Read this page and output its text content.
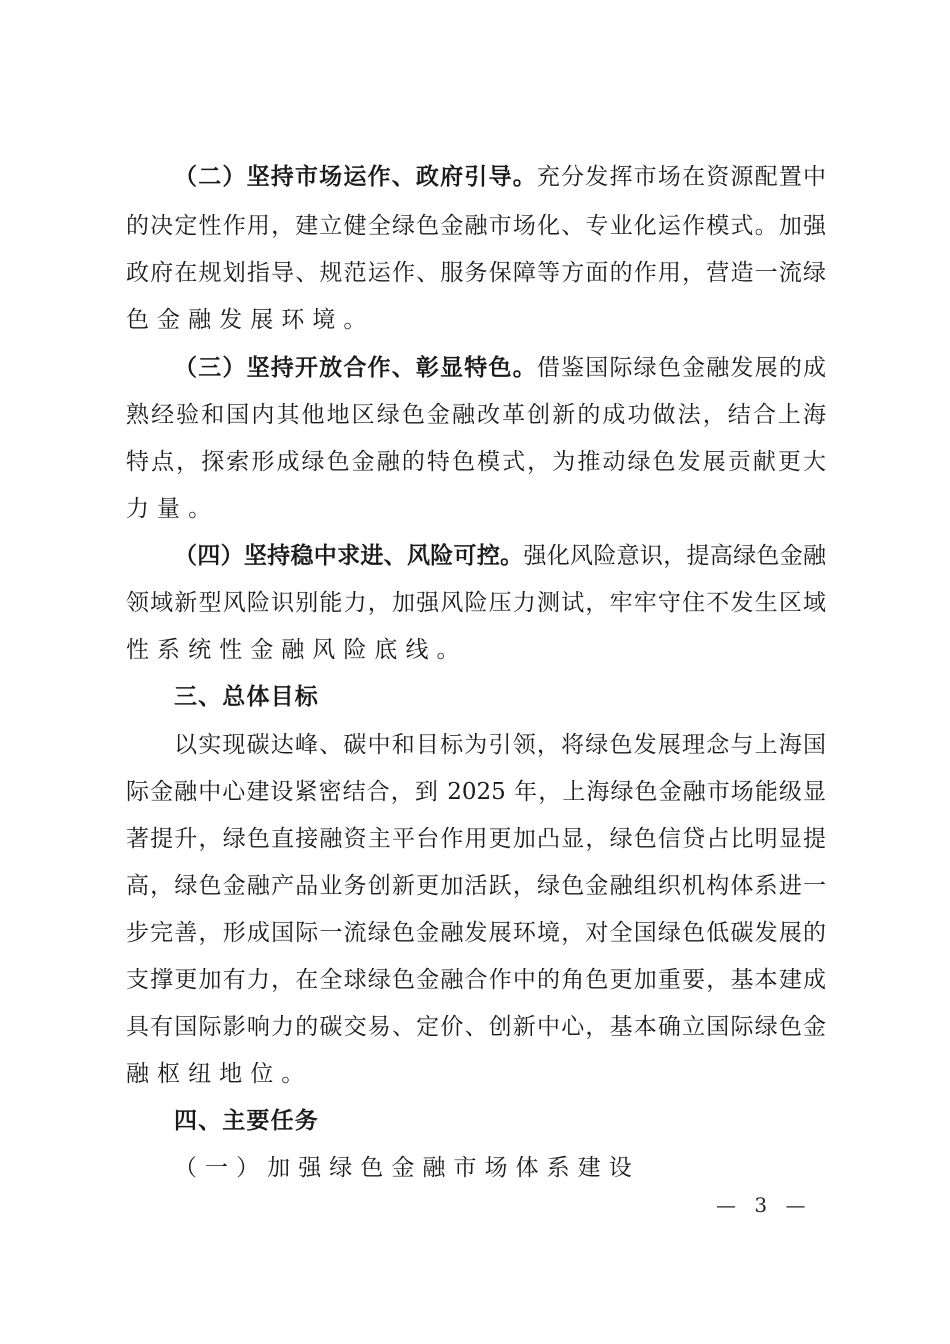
（二）坚持市场运作、政府引导。充分发挥市场在资源配置中
的决定性作用，建立健全绿色金融市场化、专业化运作模式。加强
政府在规划指导、规范运作、服务保障等方面的作用，营造一流绿
色金融发展环境。
（三）坚持开放合作、彰显特色。借鉴国际绿色金融发展的成
熟经验和国内其他地区绿色金融改革创新的成功做法，结合上海
特点，探索形成绿色金融的特色模式，为推动绿色发展贡献更大
力量。
（四）坚持稳中求进、风险可控。强化风险意识，提高绿色金融
领域新型风险识别能力，加强风险压力测试，牢牢守住不发生区域
性系统性金融风险底线。
三、总体目标
以实现碳达峰、碳中和目标为引领，将绿色发展理念与上海国
际金融中心建设紧密结合，到 2025 年，上海绿色金融市场能级显
著提升，绿色直接融资主平台作用更加凸显，绿色信贷占比明显提
高，绿色金融产品业务创新更加活跃，绿色金融组织机构体系进一
步完善，形成国际一流绿色金融发展环境，对全国绿色低碳发展的
支撑更加有力，在全球绿色金融合作中的角色更加重要，基本建成
具有国际影响力的碳交易、定价、创新中心，基本确立国际绿色金
融枢纽地位。
四、主要任务
（一）加强绿色金融市场体系建设
— 3 —
